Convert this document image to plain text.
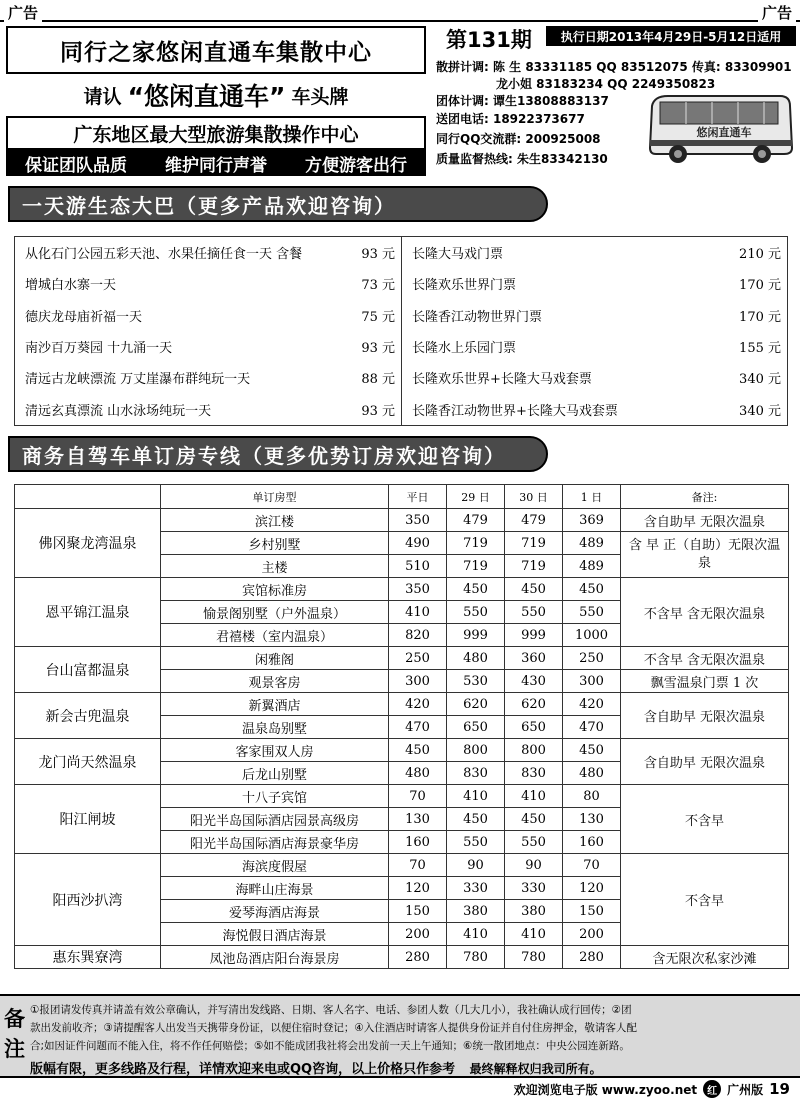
广告	广告
同行之家悠闲直通车集散中心
请认 “悠闲直通车” 车头牌
广东地区最大型旅游集散操作中心
保证团队品质 维护同行声誉 方便游客出行
第131期	执行日期2013年4月29日-5月12日适用
散拼计调: 陈 生 83331185 QQ 83512075 传真: 83309901
龙小姐 83183234 QQ 2249350823
团体计调: 谭生13808883137
送团电话: 18922373677
同行QQ交流群: 200925008
质量监督热线: 朱生83342130
悠闲直通车
一天游生态大巴（更多产品欢迎咨询）
从化石门公园五彩天池、水果任摘任食一天 含餐	93 元
增城白水寨一天	73 元
德庆龙母庙祈福一天	75 元
南沙百万葵园 十九涌一天	93 元
清远古龙峡漂流 万丈崖瀑布群纯玩一天	88 元
清远玄真漂流 山水泳场纯玩一天	93 元
长隆大马戏门票	210 元
长隆欢乐世界门票	170 元
长隆香江动物世界门票	170 元
长隆水上乐园门票	155 元
长隆欢乐世界+长隆大马戏套票	340 元
长隆香江动物世界+长隆大马戏套票	340 元
商务自驾车单订房专线（更多优势订房欢迎咨询）
	单订房型	平日	29 日	30 日	1 日	备注:
佛冈聚龙湾温泉	滨江楼	350	479	479	369	含自助早 无限次温泉
	乡村别墅	490	719	719	489	含 早 正（自助）无限次温泉
	主楼	510	719	719	489	
恩平锦江温泉	宾馆标准房	350	450	450	450	不含早 含无限次温泉
	愉景阁别墅（户外温泉）	410	550	550	550	
	君禧楼（室内温泉）	820	999	999	1000	
台山富都温泉	闲雅阁	250	480	360	250	不含早 含无限次温泉
	观景客房	300	530	430	300	飘雪温泉门票 1 次
新会古兜温泉	新翼酒店	420	620	620	420	含自助早 无限次温泉
	温泉岛别墅	470	650	650	470	
龙门尚天然温泉	客家围双人房	450	800	800	450	含自助早 无限次温泉
	后龙山别墅	480	830	830	480	
阳江闸坡	十八子宾馆	70	410	410	80	不含早
	阳光半岛国际酒店园景高级房	130	450	450	130	
	阳光半岛国际酒店海景豪华房	160	550	550	160	
阳西沙扒湾	海滨度假屋	70	90	90	70	不含早
	海畔山庄海景	120	330	330	120	
	爱琴海酒店海景	150	380	380	150	
	海悦假日酒店海景	200	410	410	200	
惠东巽寮湾	凤池岛酒店阳台海景房	280	780	780	280	含无限次私家沙滩
备注
①报团请发传真并请盖有效公章确认，并写清出发线路、日期、客人名字、电话、参团人数（几大几小），我社确认成行回传；②团
款出发前收齐；③请提醒客人出发当天携带身份证，以便住宿时登记；④入住酒店时请客人提供身份证并自付住房押金，敬请客人配
合;如因证件问题而不能入住，将不作任何赔偿；⑤如不能成团我社将会出发前一天上午通知；⑥统一散团地点：中央公园连新路。
版幅有限，更多线路及行程，详情欢迎来电或QQ咨询，以上价格只作参考 最终解释权归我司所有。
欢迎浏览电子版 www.zyoo.net	红 广州版 19
